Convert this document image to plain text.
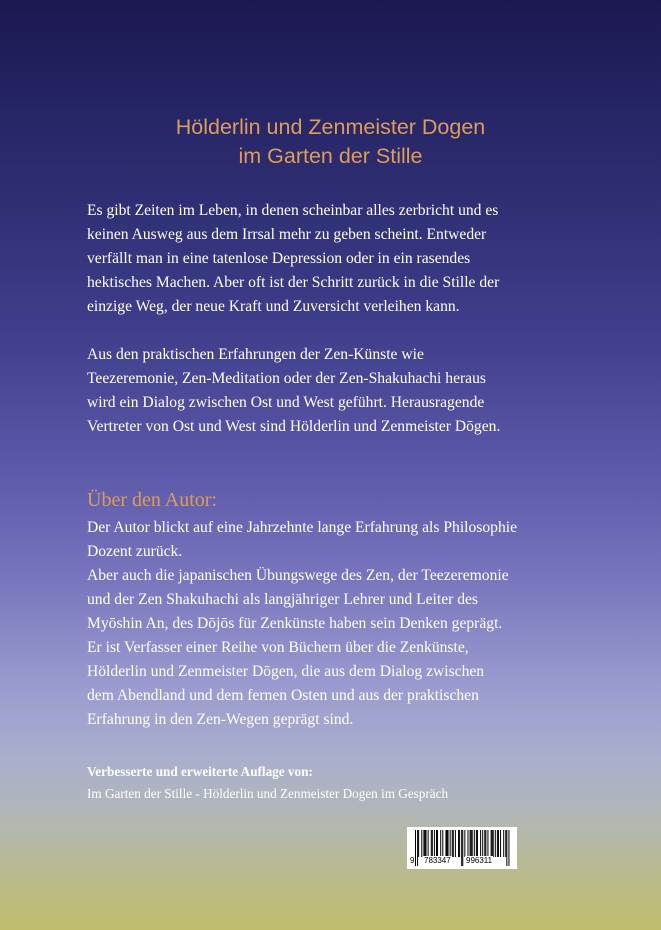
Hölderlin und Zenmeister Dogen
im Garten der Stille
Es gibt Zeiten im Leben, in denen scheinbar alles zerbricht und es
keinen Ausweg aus dem Irrsal mehr zu geben scheint. Entweder
verfällt man in eine tatenlose Depression oder in ein rasendes
hektisches Machen. Aber oft ist der Schritt zurück in die Stille der
einzige Weg, der neue Kraft und Zuversicht verleihen kann.
Aus den praktischen Erfahrungen der Zen-Künste wie
Teezeremonie, Zen-Meditation oder der Zen-Shakuhachi heraus
wird ein Dialog zwischen Ost und West geführt. Herausragende
Vertreter von Ost und West sind Hölderlin und Zenmeister Dōgen.
Über den Autor:
Der Autor blickt auf eine Jahrzehnte lange Erfahrung als Philosophie
Dozent zurück.
Aber auch die japanischen Übungswege des Zen, der Teezeremonie
und der Zen Shakuhachi als langjähriger Lehrer und Leiter des
Myōshin An, des Dōjōs für Zenkünste haben sein Denken geprägt.
Er ist Verfasser einer Reihe von Büchern über die Zenkünste,
Hölderlin und Zenmeister Dōgen, die aus dem Dialog zwischen
dem Abendland und dem fernen Osten und aus der praktischen
Erfahrung in den Zen-Wegen geprägt sind.
Verbesserte und erweiterte Auflage von:
Im Garten der Stille - Hölderlin und Zenmeister Dogen im Gespräch
9 783347 996311
